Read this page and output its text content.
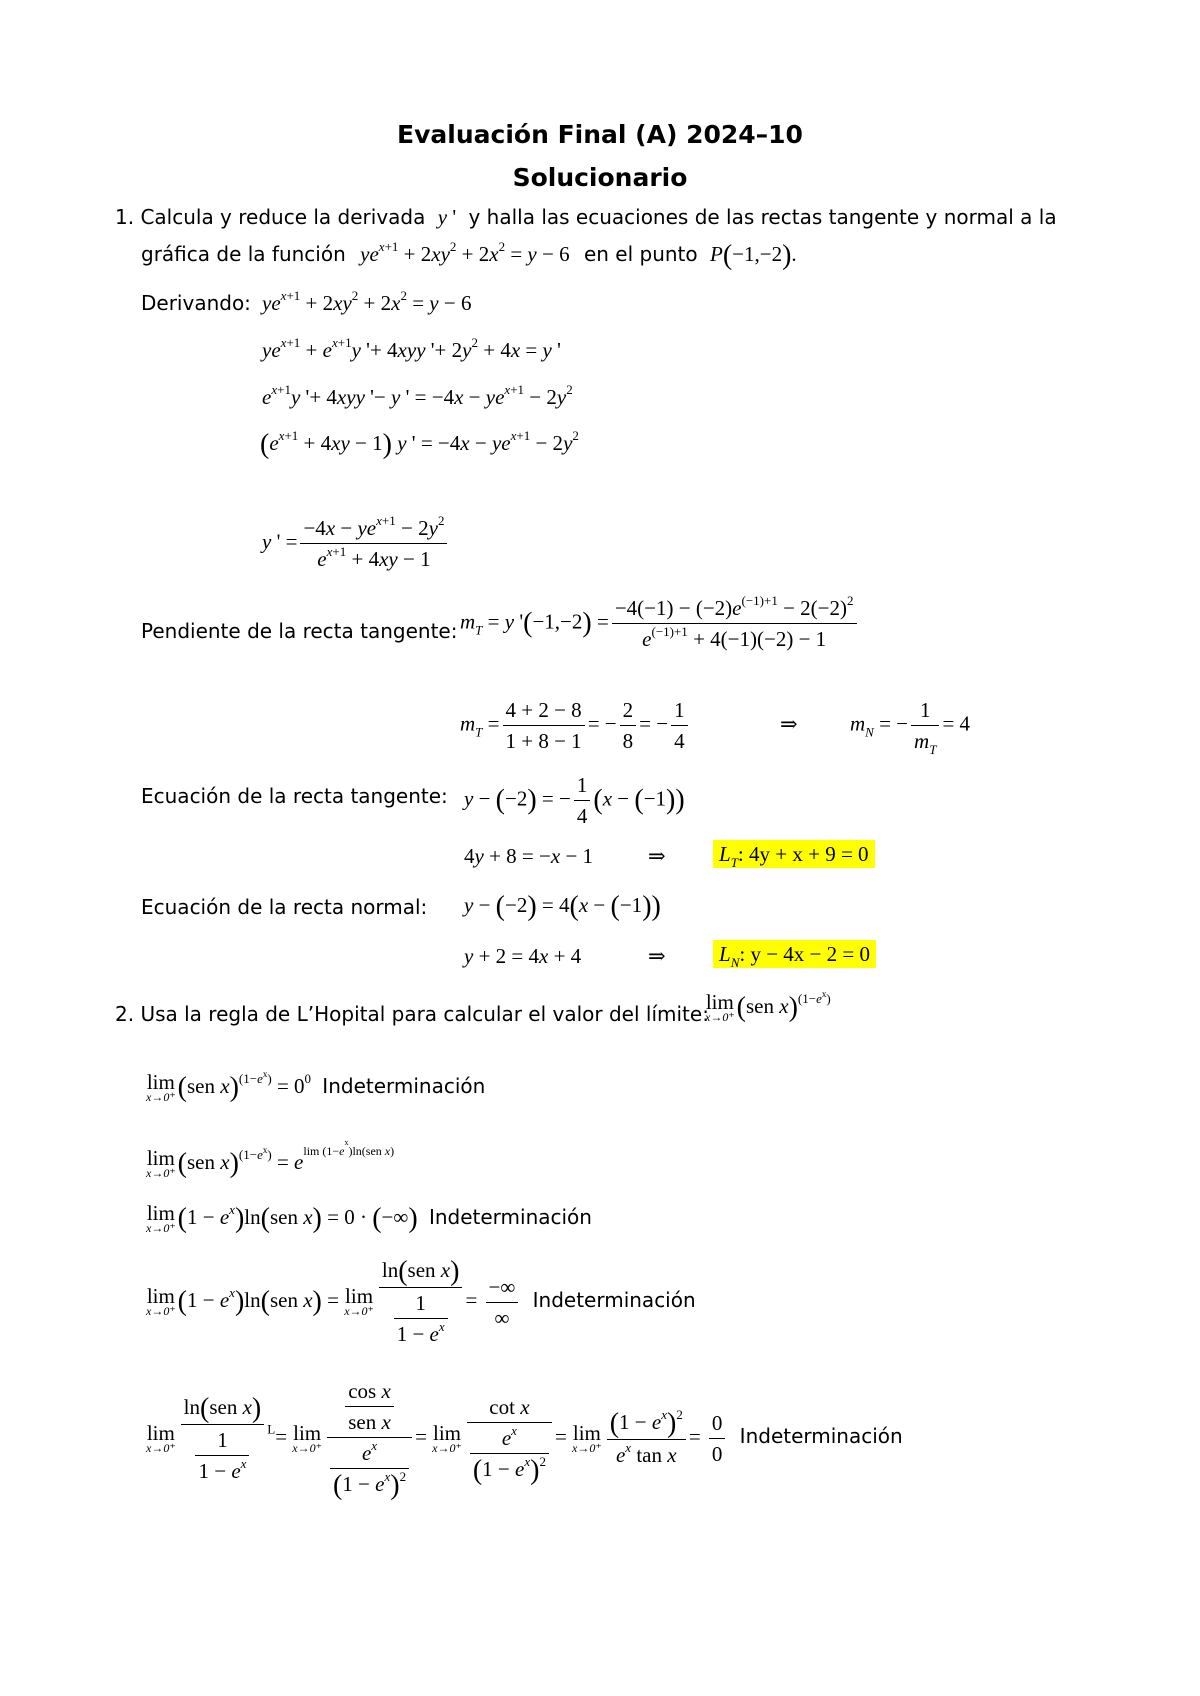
Evaluación Final (A) 2024–10
Solucionario
1. Calcula y reduce la derivada y ' y halla las ecuaciones de las rectas tangente y normal a la
gráfica de la función $ye^{x+1} + 2xy^2 + 2x^2 = y - 6$ en el punto P(−1,−2).
Derivando: $ye^{x+1} + 2xy^2 + 2x^2 = y - 6$
$ye^{x+1} + e^{x+1}y$ '+ 4xyy '+ $2y^2 + 4x = y$ '
$e^{x+1}y$ '+ 4xyy '− y ' = $-4x - ye^{x+1} - 2y^2$
$(e^{x+1} + 4xy - 1)$ y ' = $-4x - ye^{x+1} - 2y^2$
y ' = $\frac{-4x - ye^{x+1} - 2y^2}{e^{x+1} + 4xy - 1}$
Pendiente de la recta tangente: $m_T = y$ '$(-1,-2) = \frac{-4(-1) - (-2)e^{(-1)+1} - 2(-2)^2}{e^{(-1)+1} + 4(-1)(-2) - 1}$
$m_T = \frac{4 + 2 - 8}{1 + 8 - 1}$ = − $\frac{2}{8}$ = − $\frac{1}{4}$	⇒ $m_N$ = − $\frac{1}{m_T} = 4$
Ecuación de la recta tangente: y − (−2) = − $\frac{1}{4} (x - (-1))$
4y + 8 = −x − 1	⇒	$L_T$: 4y + x + 9 = 0
Ecuación de la recta normal: y − (−2) = 4(x − (−1))
y + 2 = 4x + 4	⇒	$L_N$: y − 4x − 2 = 0
2. Usa la regla de L’Hopital para calcular el valor del límite:
lim
x→0⁺ (sen x)$^{(1-e^x)}$
lim
x→0⁺ (sen $x)^{(1-e^x)} = 0^0$ Indeterminación
lim
x→0⁺ (sen $x)^{(1-e^x)} = e^{lim (1-e^x)ln(sen x)}$
lim
x→0⁺ $(1 - e^x)\ln(sen$ x) = 0 · (−∞) Indeterminación
lim
x→0⁺ $(1 - e^x)\ln(sen$ x) = lim
$x\to 0^+ \frac{\text{ln(sen x)}}{\frac{1}{1 - e^x}} = \frac{-\infty}{\infty}$ Indeterminación
lim
$x\to 0^+ \frac{\text{ln(sen x)}}{\frac{1}{1 - e^x}} ^L= \lim$
$x\to 0^+ \frac{\frac{\text{cos x}}{\text{sen x}}}{\frac{e^x}{(1 - e^x)^2}} = \lim$
$x\to 0^+ \frac{\text{cot x}}{\frac{e^x}{(1 - e^x)^2}} = \lim$
$x\to 0^+ \frac{(1 - e^x)^2}{e^x \tan x} = \frac{0}{0}$ Indeterminación
